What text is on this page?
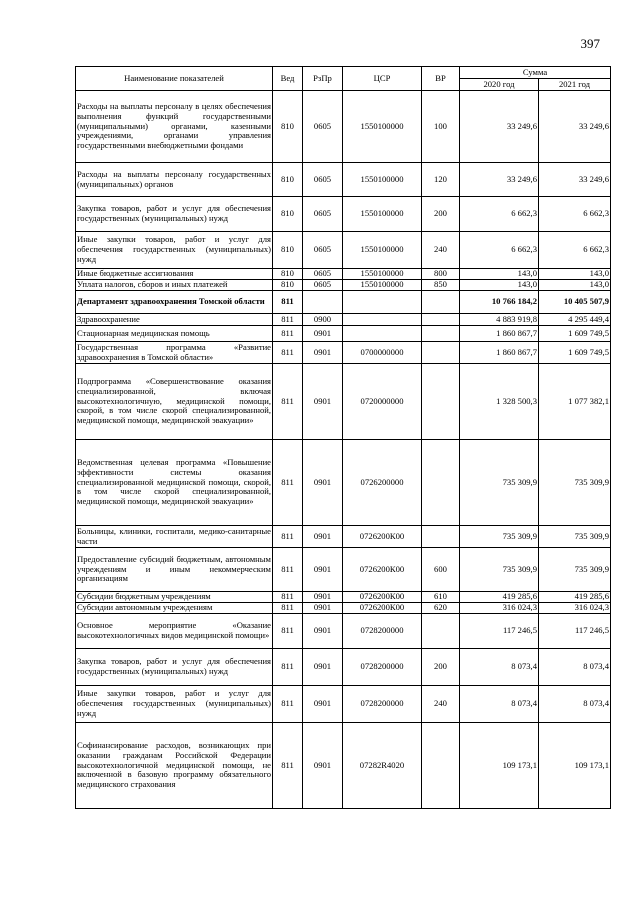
397
Наименование показателей	Вед	РзПр	ЦСР	ВР	Сумма	
					2020 год	2021 год
Расходы на выплаты персоналу в целях обеспечения выполнения функций государственными (муниципальными) органами, казенными учреждениями, органами управления государственными внебюджетными фондами	810	0605	1550100000	100	33 249,6	33 249,6
Расходы на выплаты персоналу государственных (муниципальных) органов	810	0605	1550100000	120	33 249,6	33 249,6
Закупка товаров, работ и услуг для обеспечения государственных (муниципальных) нужд	810	0605	1550100000	200	6 662,3	6 662,3
Иные закупки товаров, работ и услуг для обеспечения государственных (муниципальных) нужд	810	0605	1550100000	240	6 662,3	6 662,3
Иные бюджетные ассигнования	810	0605	1550100000	800	143,0	143,0
Уплата налогов, сборов и иных платежей	810	0605	1550100000	850	143,0	143,0
Департамент здравоохранения Томской области	811				10 766 184,2	10 405 507,9
Здравоохранение	811	0900			4 883 919,8	4 295 449,4
Стационарная медицинская помощь	811	0901			1 860 867,7	1 609 749,5
Государственная программа «Развитие здравоохранения в Томской области»	811	0901	0700000000		1 860 867,7	1 609 749,5
Подпрограмма «Совершенствование оказания специализированной, включая высокотехнологичную, медицинской помощи, скорой, в том числе скорой специализированной, медицинской помощи, медицинской эвакуации»	811	0901	0720000000		1 328 500,3	1 077 382,1
Ведомственная целевая программа «Повышение эффективности системы оказания специализированной медицинской помощи, скорой, в том числе скорой специализированной, медицинской помощи, медицинской эвакуации»	811	0901	0726200000		735 309,9	735 309,9
Больницы, клиники, госпитали, медико-санитарные части	811	0901	0726200К00		735 309,9	735 309,9
Предоставление субсидий бюджетным, автономным учреждениям и иным некоммерческим организациям	811	0901	0726200К00	600	735 309,9	735 309,9
Субсидии бюджетным учреждениям	811	0901	0726200К00	610	419 285,6	419 285,6
Субсидии автономным учреждениям	811	0901	0726200К00	620	316 024,3	316 024,3
Основное мероприятие «Оказание высокотехнологичных видов медицинской помощи»	811	0901	0728200000		117 246,5	117 246,5
Закупка товаров, работ и услуг для обеспечения государственных (муниципальных) нужд	811	0901	0728200000	200	8 073,4	8 073,4
Иные закупки товаров, работ и услуг для обеспечения государственных (муниципальных) нужд	811	0901	0728200000	240	8 073,4	8 073,4
Софинансирование расходов, возникающих при оказании гражданам Российской Федерации высокотехнологичной медицинской помощи, не включенной в базовую программу обязательного медицинского страхования	811	0901	07282R4020		109 173,1	109 173,1
